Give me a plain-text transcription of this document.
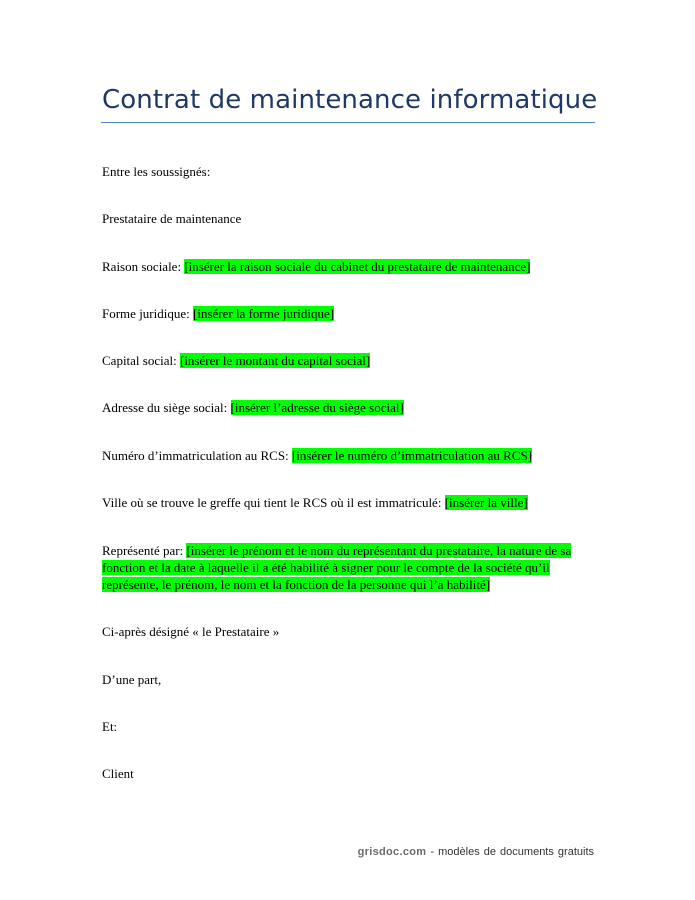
Contrat de maintenance informatique
Entre les soussignés:
Prestataire de maintenance
Raison sociale: [insérer la raison sociale du cabinet du prestataire de maintenance]
Forme juridique: [insérer la forme juridique]
Capital social: [insérer le montant du capital social]
Adresse du siège social: [insérer l’adresse du siège social]
Numéro d’immatriculation au RCS: [insérer le numéro d’immatriculation au RCS]
Ville où se trouve le greffe qui tient le RCS où il est immatriculé: [insérer la ville]
Représenté par: [insérer le prénom et le nom du représentant du prestataire, la nature de sa
fonction et la date à laquelle il a été habilité à signer pour le compte de la société qu’il
représente, le prénom, le nom et la fonction de la personne qui l’a habilité]
Ci-après désigné « le Prestataire »
D’une part,
Et:
Client
grisdoc.com - modèles de documents gratuits
